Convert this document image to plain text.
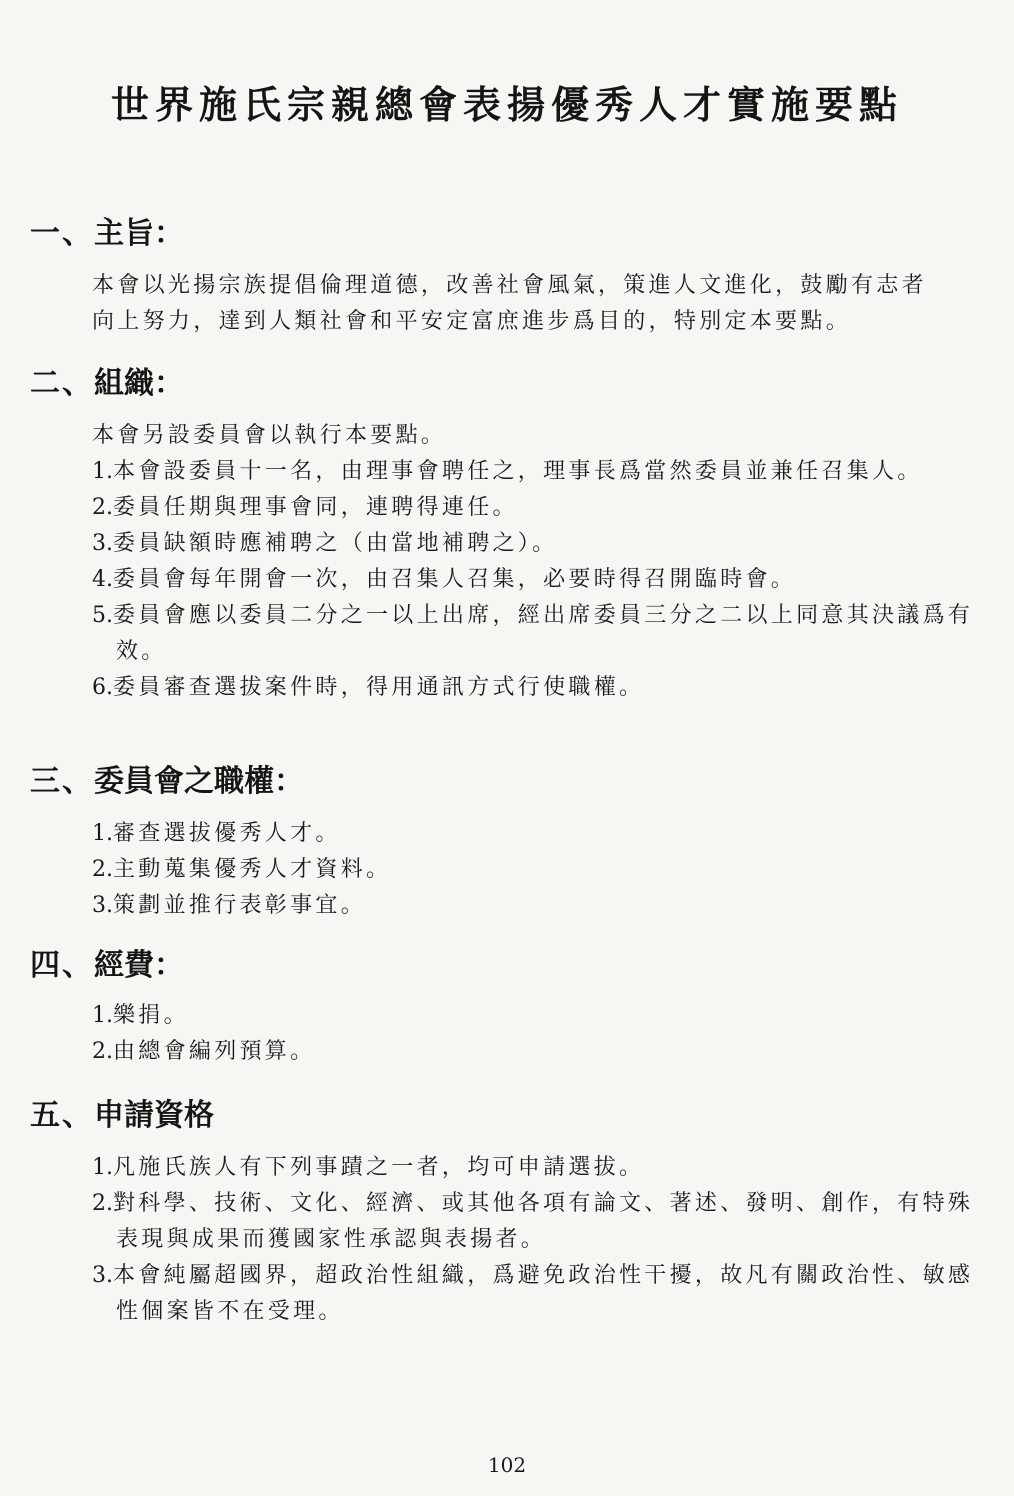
世界施氏宗親總會表揚優秀人才實施要點
一、主旨：

本會以光揚宗族提倡倫理道德，改善社會風氣，策進人文進化，鼓勵有志者向上努力，達到人類社會和平安定富庶進步爲目的，特別定本要點。

二、組織：

本會另設委員會以執行本要點。

1.本會設委員十一名，由理事會聘任之，理事長爲當然委員並兼任召集人。
2.委員任期與理事會同，連聘得連任。
3.委員缺額時應補聘之（由當地補聘之）。
4.委員會每年開會一次，由召集人召集，必要時得召開臨時會。
5.委員會應以委員二分之一以上出席，經出席委員三分之二以上同意其決議爲有效。
6.委員審查選拔案件時，得用通訊方式行使職權。
三、委員會之職權：
1.審查選拔優秀人才。
2.主動蒐集優秀人才資料。
3.策劃並推行表彰事宜。
四、經費：
1.樂捐。
2.由總會編列預算。
五、申請資格
1.凡施氏族人有下列事蹟之一者，均可申請選拔。
2.對科學、技術、文化、經濟、或其他各項有論文、著述、發明、創作，有特殊表現與成果而獲國家性承認與表揚者。
3.本會純屬超國界，超政治性組織，爲避免政治性干擾，故凡有關政治性、敏感性個案皆不在受理。
102
